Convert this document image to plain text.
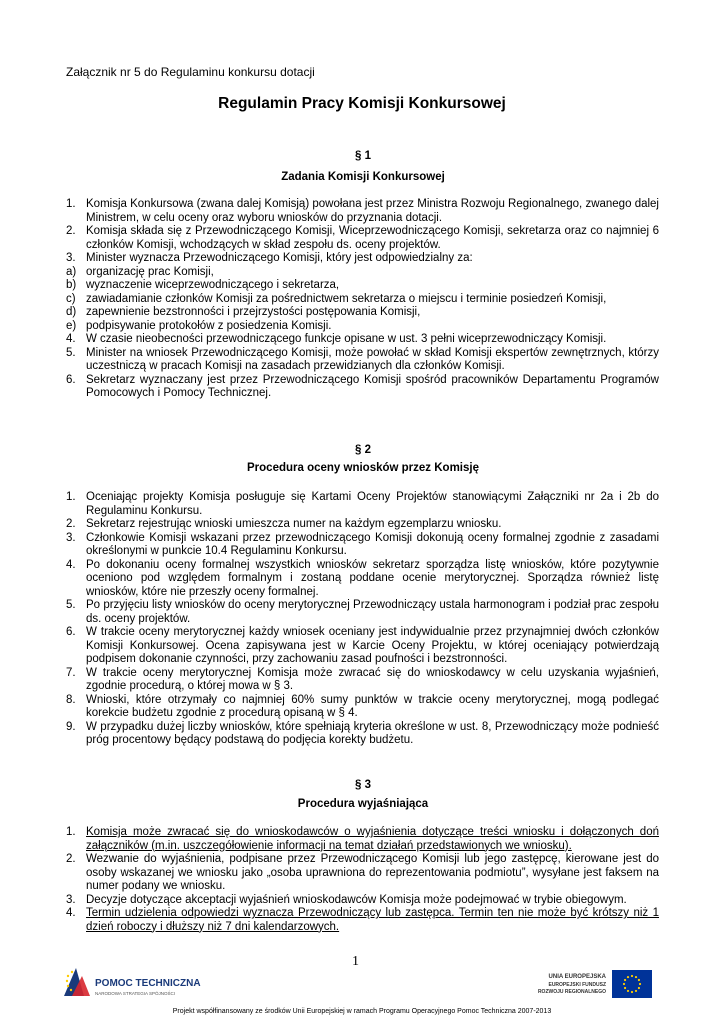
Załącznik nr 5 do Regulaminu konkursu dotacji
Regulamin Pracy Komisji Konkursowej
§ 1
Zadania Komisji Konkursowej
1. Komisja Konkursowa (zwana dalej Komisją) powołana jest przez Ministra Rozwoju Regionalnego, zwanego dalej Ministrem, w celu oceny oraz wyboru wniosków do przyznania dotacji.
2. Komisja składa się z Przewodniczącego Komisji, Wiceprzewodniczącego Komisji, sekretarza oraz co najmniej 6 członków Komisji, wchodzących w skład zespołu ds. oceny projektów.
3. Minister wyznacza Przewodniczącego Komisji, który jest odpowiedzialny za:
a) organizację prac Komisji,
b) wyznaczenie wiceprzewodniczącego i sekretarza,
c) zawiadamianie członków Komisji za pośrednictwem sekretarza o miejscu i terminie posiedzeń Komisji,
d) zapewnienie bezstronności i przejrzystości postępowania Komisji,
e) podpisywanie protokołów z posiedzenia Komisji.
4. W czasie nieobecności przewodniczącego funkcje opisane w ust. 3 pełni wiceprzewodniczący Komisji.
5. Minister na wniosek Przewodniczącego Komisji, może powołać w skład Komisji ekspertów zewnętrznych, którzy uczestniczą w pracach Komisji na zasadach przewidzianych dla członków Komisji.
6. Sekretarz wyznaczany jest przez Przewodniczącego Komisji spośród pracowników Departamentu Programów Pomocowych i Pomocy Technicznej.
§ 2
Procedura oceny wniosków przez Komisję
1. Oceniając projekty Komisja posługuje się Kartami Oceny Projektów stanowiącymi Załączniki nr 2a i 2b do Regulaminu Konkursu.
2. Sekretarz rejestrując wnioski umieszcza numer na każdym egzemplarzu wniosku.
3. Członkowie Komisji wskazani przez przewodniczącego Komisji dokonują oceny formalnej zgodnie z zasadami określonymi w punkcie 10.4 Regulaminu Konkursu.
4. Po dokonaniu oceny formalnej wszystkich wniosków sekretarz sporządza listę wniosków, które pozytywnie oceniono pod względem formalnym i zostaną poddane ocenie merytorycznej. Sporządza również listę wniosków, które nie przeszły oceny formalnej.
5. Po przyjęciu listy wniosków do oceny merytorycznej Przewodniczący ustala harmonogram i podział prac zespołu ds. oceny projektów.
6. W trakcie oceny merytorycznej każdy wniosek oceniany jest indywidualnie przez przynajmniej dwóch członków Komisji Konkursowej. Ocena zapisywana jest w Karcie Oceny Projektu, w której oceniający potwierdzają podpisem dokonanie czynności, przy zachowaniu zasad poufności i bezstronności.
7. W trakcie oceny merytorycznej Komisja może zwracać się do wnioskodawcy w celu uzyskania wyjaśnień, zgodnie procedurą, o której mowa w § 3.
8. Wnioski, które otrzymały co najmniej 60% sumy punktów w trakcie oceny merytorycznej, mogą podlegać korekcie budżetu zgodnie z procedurą opisaną w § 4.
9. W przypadku dużej liczby wniosków, które spełniają kryteria określone w ust. 8, Przewodniczący może podnieść próg procentowy będący podstawą do podjęcia korekty budżetu.
§ 3
Procedura wyjaśniająca
1. Komisja może zwracać się do wnioskodawców o wyjaśnienia dotyczące treści wniosku i dołączonych doń załączników (m.in. uszczegółowienie informacji na temat działań przedstawionych we wniosku).
2. Wezwanie do wyjaśnienia, podpisane przez Przewodniczącego Komisji lub jego zastępcę, kierowane jest do osoby wskazanej we wniosku jako „osoba uprawniona do reprezentowania podmiotu”, wysyłane jest faksem na numer podany we wniosku.
3. Decyzje dotyczące akceptacji wyjaśnień wnioskodawców Komisja może podejmować w trybie obiegowym.
4. Termin udzielenia odpowiedzi wyznacza Przewodniczący lub zastępca. Termin ten nie może być krótszy niż 1 dzień roboczy i dłuższy niż 7 dni kalendarzowych.
1
POMOC TECHNICZNA
NARODOWA STRATEGIA SPÓJNOŚCI
UNIA EUROPEJSKA
EUROPEJSKI FUNDUSZ
ROZWOJU REGIONALNEGO
Projekt współfinansowany ze środków Unii Europejskiej w ramach Programu Operacyjnego Pomoc Techniczna 2007-2013
